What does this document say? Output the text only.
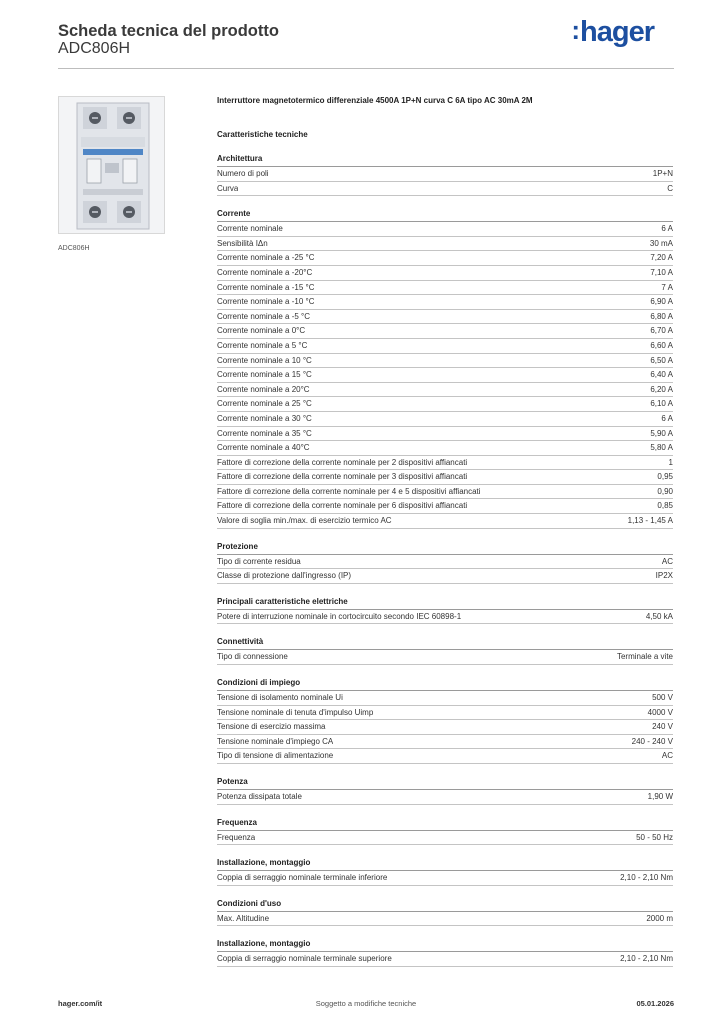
Scheda tecnica del prodotto
ADC806H
:hager
ADC806H
Interruttore magnetotermico differenziale 4500A 1P+N curva C 6A tipo AC 30mA 2M
Caratteristiche tecniche
Architettura
Numero di poli	1P+N
Curva	C
Corrente
Corrente nominale	6 A
Sensibilità IΔn	30 mA
Corrente nominale a -25 °C	7,20 A
Corrente nominale a -20°C	7,10 A
Corrente nominale a -15 °C	7 A
Corrente nominale a -10 °C	6,90 A
Corrente nominale a -5 °C	6,80 A
Corrente nominale a 0°C	6,70 A
Corrente nominale a 5 °C	6,60 A
Corrente nominale a 10 °C	6,50 A
Corrente nominale a 15 °C	6,40 A
Corrente nominale a 20°C	6,20 A
Corrente nominale a 25 °C	6,10 A
Corrente nominale a 30 °C	6 A
Corrente nominale a 35 °C	5,90 A
Corrente nominale a 40°C	5,80 A
Fattore di correzione della corrente nominale per 2 dispositivi affiancati	1
Fattore di correzione della corrente nominale per 3 dispositivi affiancati	0,95
Fattore di correzione della corrente nominale per 4 e 5 dispositivi affiancati	0,90
Fattore di correzione della corrente nominale per 6 dispositivi affiancati	0,85
Valore di soglia min./max. di esercizio termico AC	1,13 - 1,45 A
Protezione
Tipo di corrente residua	AC
Classe di protezione dall'ingresso (IP)	IP2X
Principali caratteristiche elettriche
Potere di interruzione nominale in cortocircuito secondo IEC 60898-1	4,50 kA
Connettività
Tipo di connessione	Terminale a vite
Condizioni di impiego
Tensione di isolamento nominale Ui	500 V
Tensione nominale di tenuta d'impulso Uimp	4000 V
Tensione di esercizio massima	240 V
Tensione nominale d'impiego CA	240 - 240 V
Tipo di tensione di alimentazione	AC
Potenza
Potenza dissipata totale	1,90 W
Frequenza
Frequenza	50 - 50 Hz
Installazione, montaggio
Coppia di serraggio nominale terminale inferiore	2,10 - 2,10 Nm
Condizioni d'uso
Max. Altitudine	2000 m
Installazione, montaggio
Coppia di serraggio nominale terminale superiore	2,10 - 2,10 Nm
hager.com/it	Soggetto a modifiche tecniche	05.01.2026
